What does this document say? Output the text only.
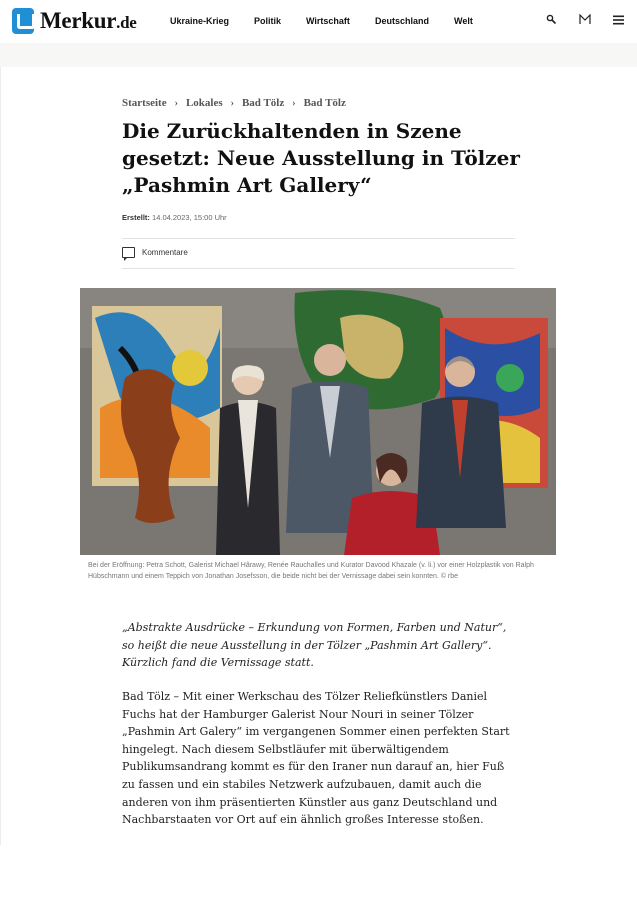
Merkur.de	Ukraine-Krieg	Politik	Wirtschaft	Deutschland	Welt
Startseite › Lokales › Bad Tölz › Bad Tölz
Die Zurückhaltenden in Szene gesetzt: Neue Ausstellung in Tölzer „Pashmin Art Gallery“
Erstellt: 14.04.2023, 15:00 Uhr
Kommentare

Bei der Eröffnung: Petra Schott, Galerist Michael Hârawy, Renée Rauchalles und Kurator Davood Khazale (v. li.) vor einer Holzplastik von Ralph Hübschmann und einem Teppich von Jonathan Josefsson, die beide nicht bei der Vernissage dabei sein konnten. © rbe

„Abstrakte Ausdrücke – Erkundung von Formen, Farben und Natur“, so heißt die neue Ausstellung in der Tölzer „Pashmin Art Gallery“. Kürzlich fand die Vernissage statt.

Bad Tölz – Mit einer Werkschau des Tölzer Reliefkünstlers Daniel Fuchs hat der Hamburger Galerist Nour Nouri in seiner Tölzer „Pashmin Art Galery“ im vergangenen Sommer einen perfekten Start hingelegt. Nach diesem Selbstläufer mit überwältigendem Publikumsandrang kommt es für den Iraner nun darauf an, hier Fuß zu fassen und ein stabiles Netzwerk aufzubauen, damit auch die anderen von ihm präsentierten Künstler aus ganz Deutschland und Nachbarstaaten vor Ort auf ein ähnlich großes Interesse stoßen.
